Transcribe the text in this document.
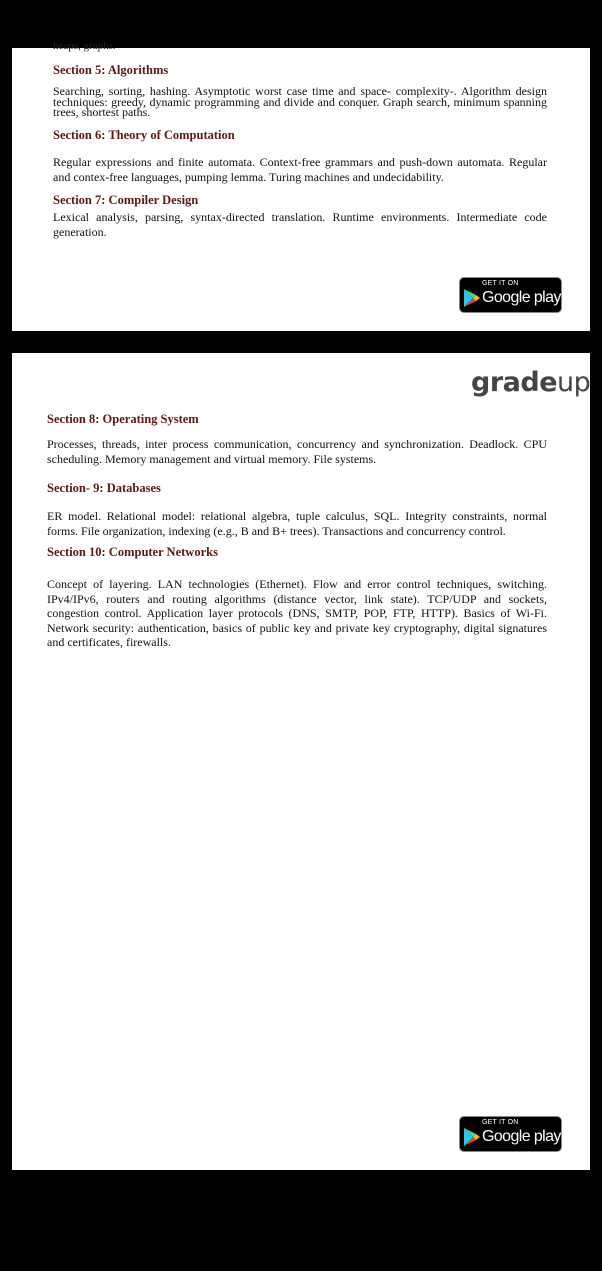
heaps, graphs.
Section 5: Algorithms

Searching, sorting, hashing. Asymptotic worst case time and space- complexity-. Algorithm design techniques: greedy, dynamic programming and divide and conquer. Graph search, minimum spanning trees, shortest paths.

Section 6: Theory of Computation

Regular expressions and finite automata. Context-free grammars and push-down automata. Regular and contex-free languages, pumping lemma. Turing machines and undecidability.

Section 7: Compiler Design

Lexical analysis, parsing, syntax-directed translation. Runtime environments. Intermediate code generation.

GET IT ON
Google play
gradeup
Section 8: Operating System

Processes, threads, inter process communication, concurrency and synchronization. Deadlock. CPU scheduling. Memory management and virtual memory. File systems.

Section- 9: Databases

ER model. Relational model: relational algebra, tuple calculus, SQL. Integrity constraints, normal forms. File organization, indexing (e.g., B and B+ trees). Transactions and concurrency control.

Section 10: Computer Networks

Concept of layering. LAN technologies (Ethernet). Flow and error control techniques, switching. IPv4/IPv6, routers and routing algorithms (distance vector, link state). TCP/UDP and sockets, congestion control. Application layer protocols (DNS, SMTP, POP, FTP, HTTP). Basics of Wi-Fi. Network security: authentication, basics of public key and private key cryptography, digital signatures and certificates, firewalls.

GET IT ON
Google play
